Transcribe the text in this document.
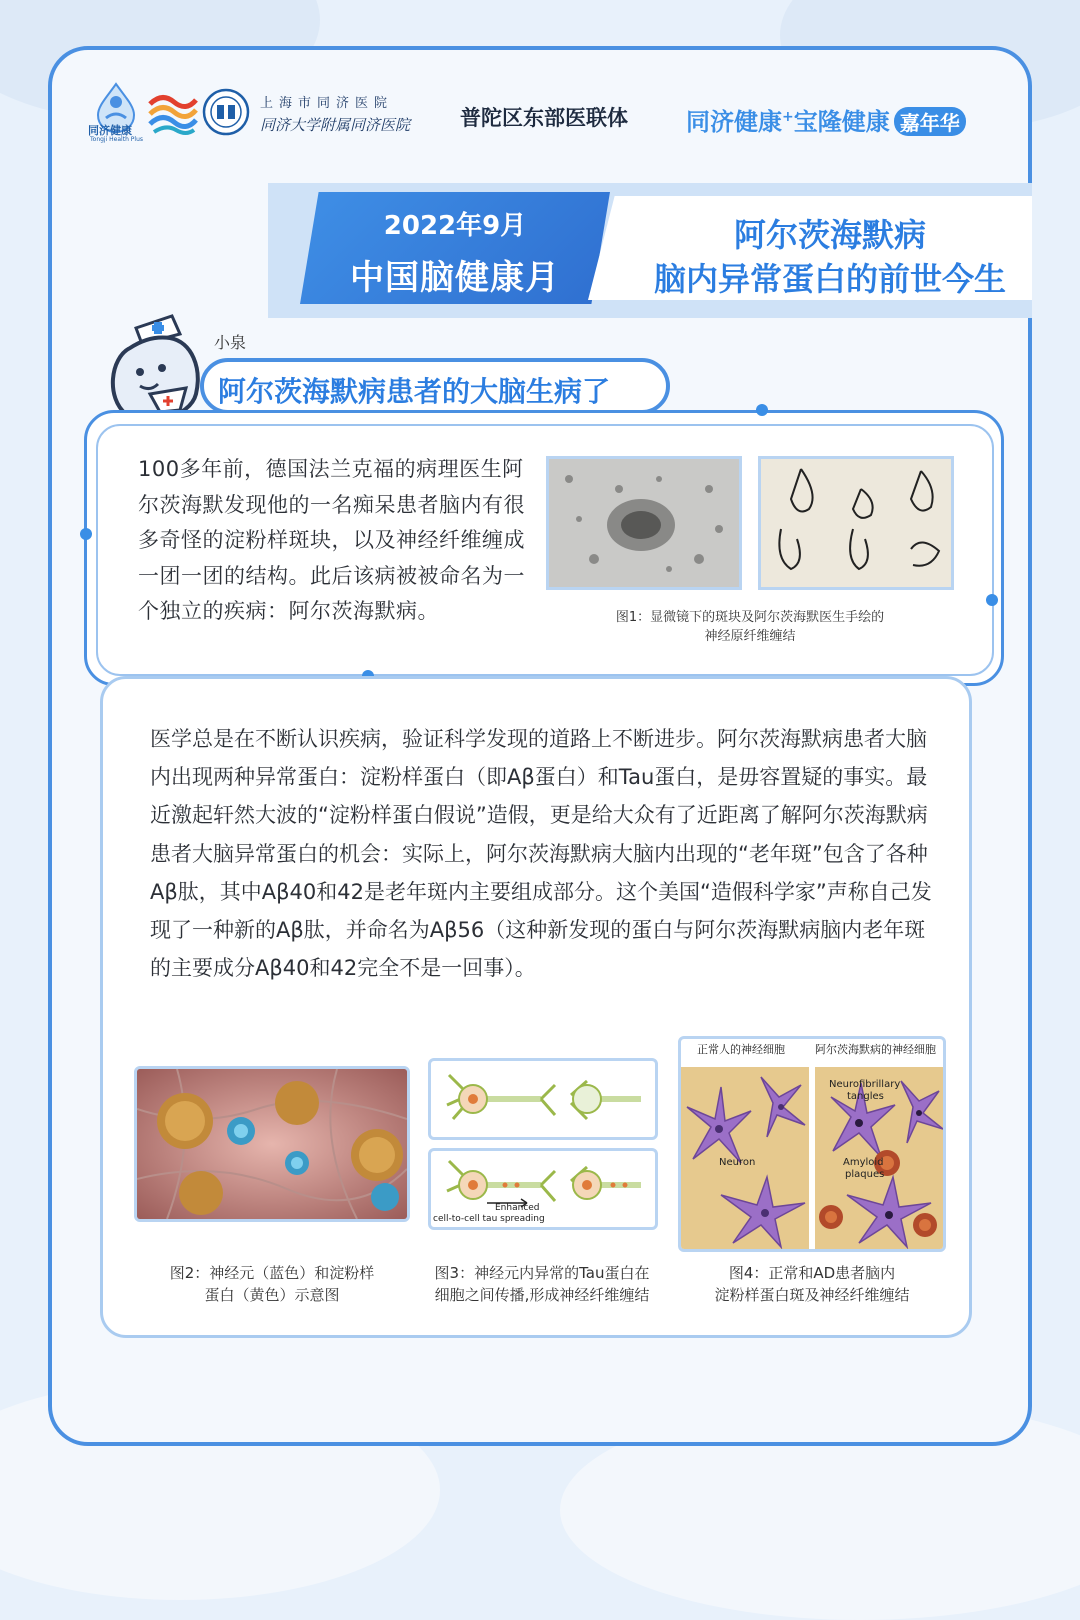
同济健康
Tongji Health Plus
上海市同济医院
同济大学附属同济医院 普陀区东部医联体 同济健康+宝隆健康 嘉年华
2022年9月
中国脑健康月
阿尔茨海默病
脑内异常蛋白的前世今生
阿尔茨海默病患者的大脑生病了
小泉
100多年前，德国法兰克福的病理医生阿尔茨海默发现他的一名痴呆患者脑内有很多奇怪的淀粉样斑块，以及神经纤维缠成一团一团的结构。此后该病被被命名为一个独立的疾病：阿尔茨海默病。	图1：显微镜下的斑块及阿尔茨海默医生手绘的
神经原纤维缠结
医学总是在不断认识疾病，验证科学发现的道路上不断进步。阿尔茨海默病患者大脑内出现两种异常蛋白：淀粉样蛋白（即Aβ蛋白）和Tau蛋白，是毋容置疑的事实。最近激起轩然大波的“淀粉样蛋白假说”造假，更是给大众有了近距离了解阿尔茨海默病患者大脑异常蛋白的机会：实际上，阿尔茨海默病大脑内出现的“老年斑”包含了各种Aβ肽，其中Aβ40和42是老年斑内主要组成部分。这个美国“造假科学家”声称自己发现了一种新的Aβ肽，并命名为Aβ56（这种新发现的蛋白与阿尔茨海默病脑内老年斑的主要成分Aβ40和42完全不是一回事）。
Enhanced
cell-to-cell tau spreading
正常人的神经细胞	阿尔茨海默病的神经细胞
Neurofibrillary
tangles
Neuron	Amyloid
plaques
图2：神经元（蓝色）和淀粉样
蛋白（黄色）示意图
图3：神经元内异常的Tau蛋白在
细胞之间传播,形成神经纤维缠结
图4：正常和AD患者脑内
淀粉样蛋白斑及神经纤维缠结
